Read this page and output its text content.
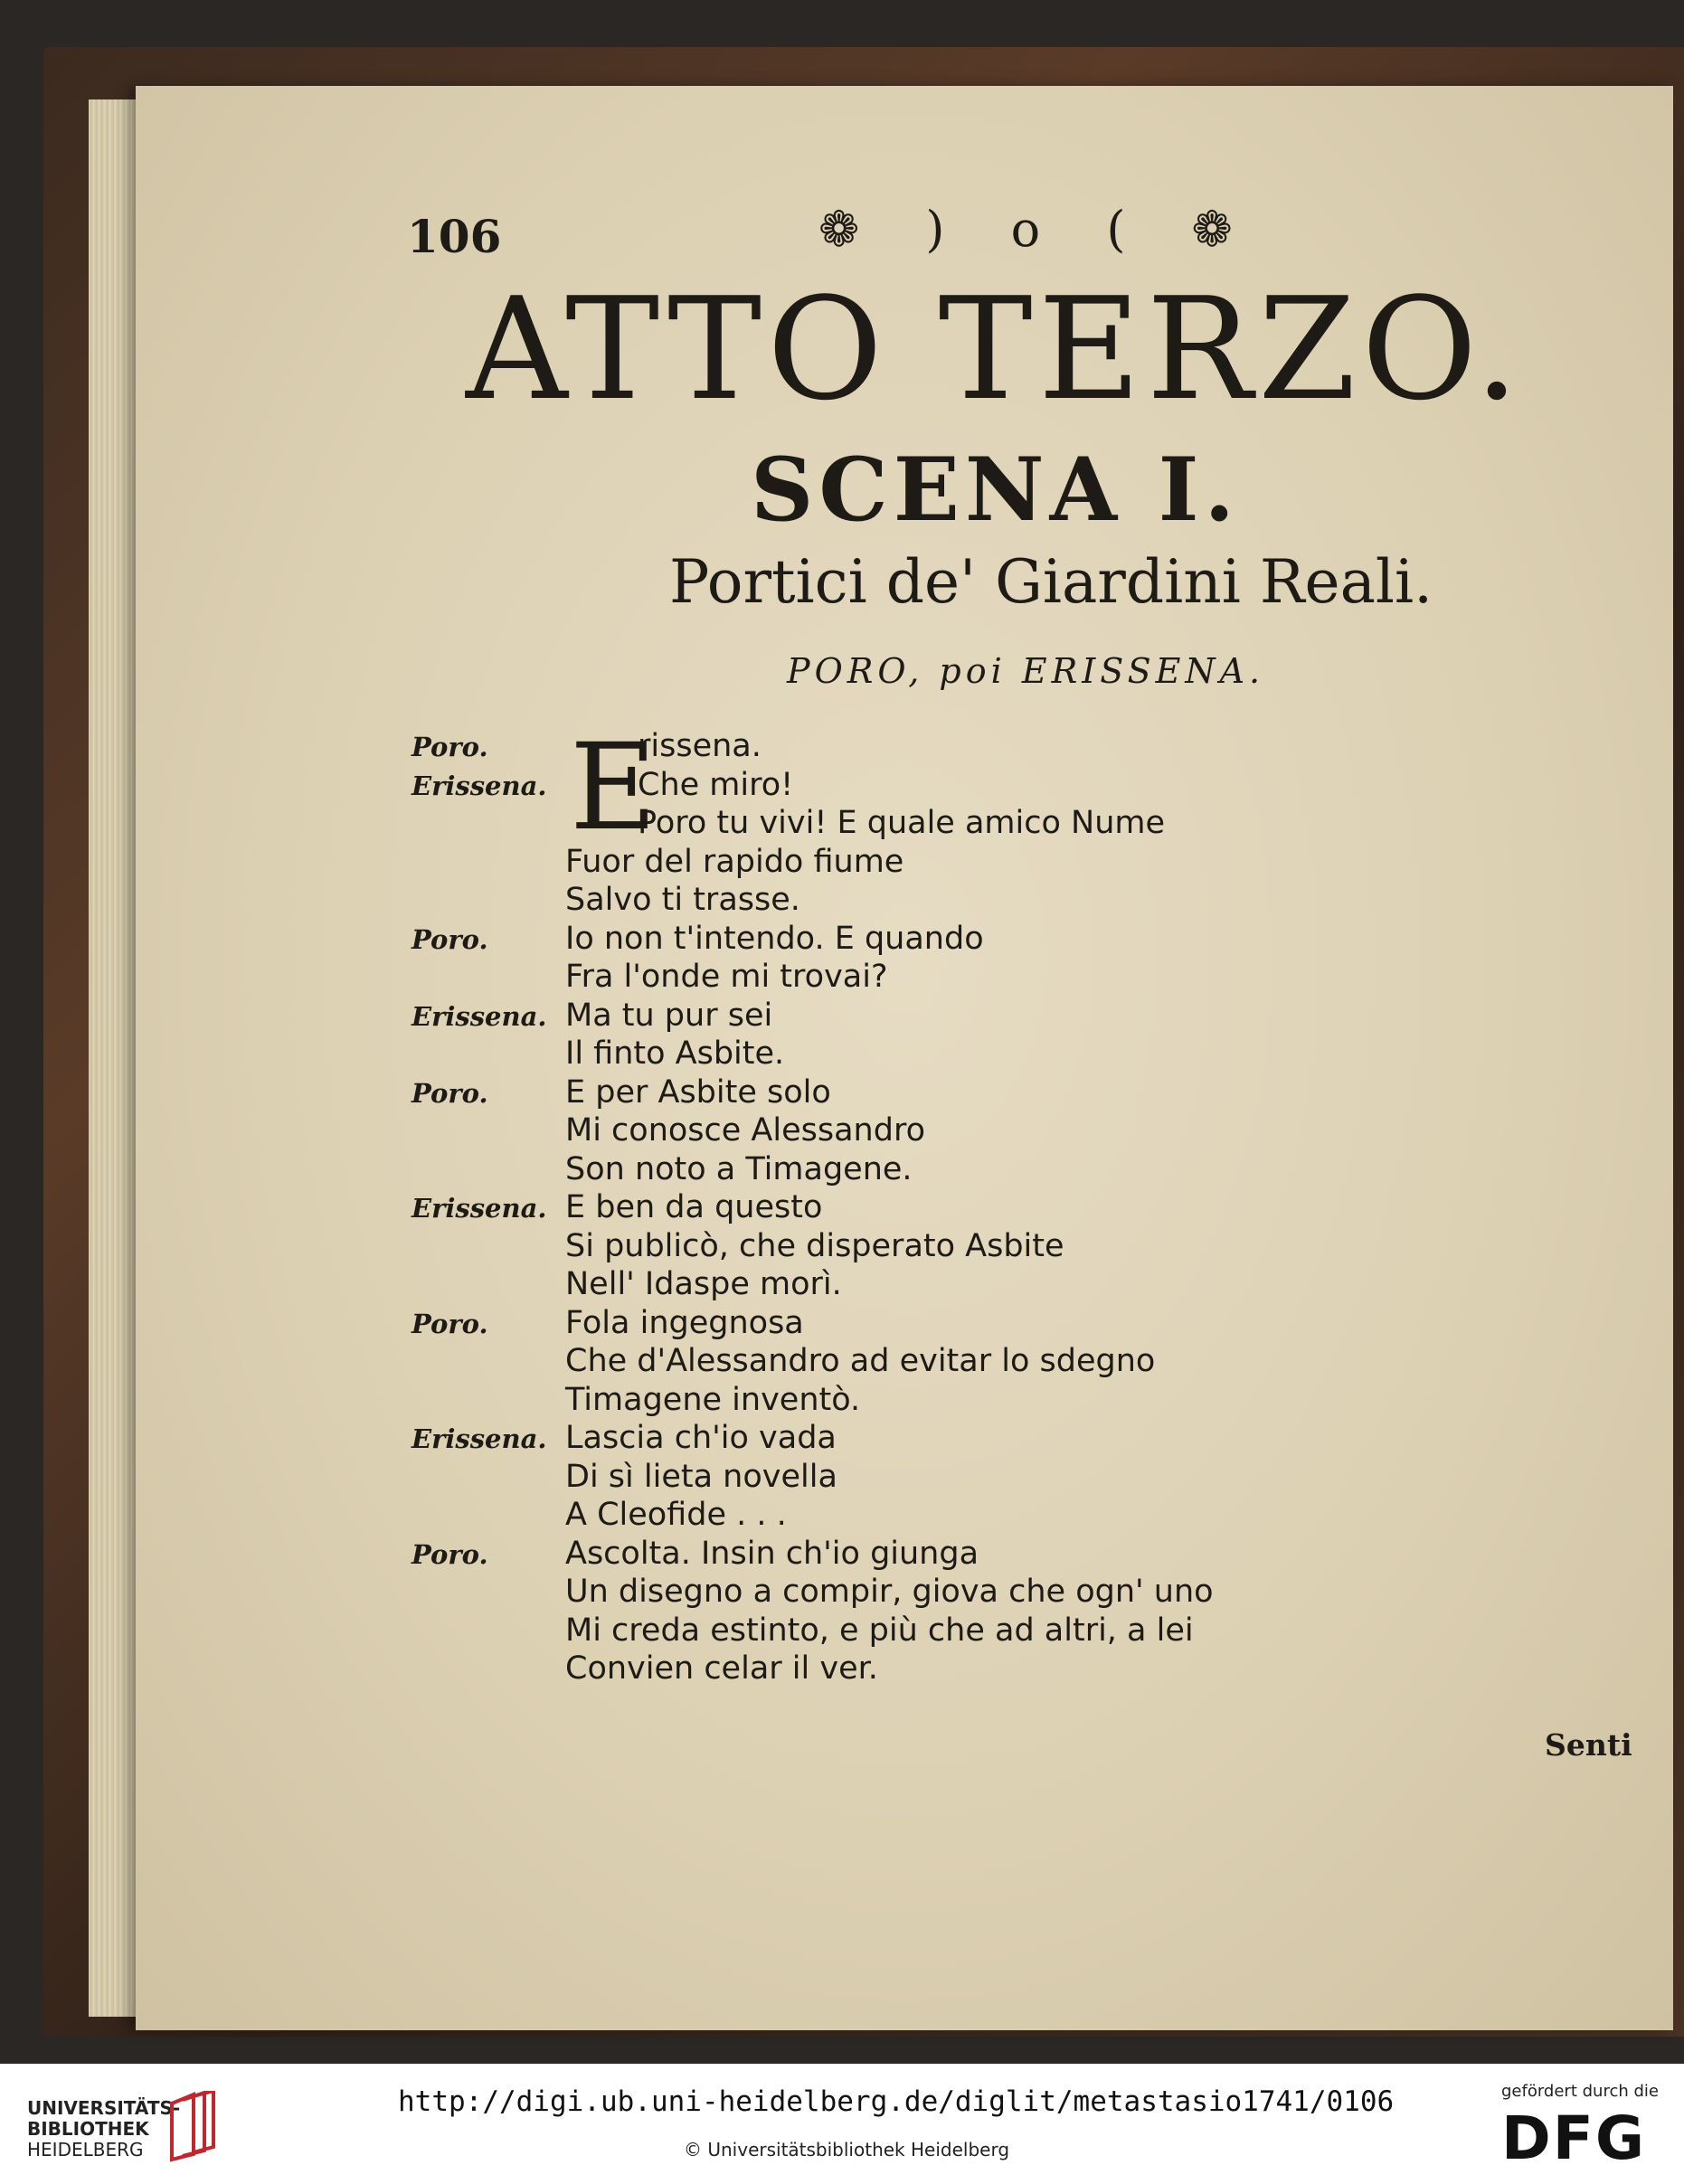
106	❁ ) o ( ❁
ATTO TERZO.
SCENA I.
Portici de' Giardini Reali.
PORO, poi ERISSENA.
E
Poro.	rissena.
Erissena.	Che miro!
Poro tu vivi! E quale amico Nume
Fuor del rapido fiume
Salvo ti trasse.
Poro. Io non t'intendo. E quando
Fra l'onde mi trovai?
Erissena. Ma tu pur sei
Il finto Asbite.
Poro. E per Asbite solo
Mi conosce Alessandro
Son noto a Timagene.
Erissena. E ben da questo
Si publicò, che disperato Asbite
Nell' Idaspe morì.
Poro. Fola ingegnosa
Che d'Alessandro ad evitar lo sdegno
Timagene inventò.
Erissena. Lascia ch'io vada
Di sì lieta novella
A Cleofide . . .
Poro. Ascolta. Insin ch'io giunga
Un disegno a compir, giova che ogn' uno
Mi creda estinto, e più che ad altri, a lei
Convien celar il ver.
Senti
UNIVERSITÄTS-
BIBLIOTHEK
HEIDELBERG
http://digi.ub.uni-heidelberg.de/diglit/metastasio1741/0106
© Universitätsbibliothek Heidelberg
gefördert durch die
DFG
